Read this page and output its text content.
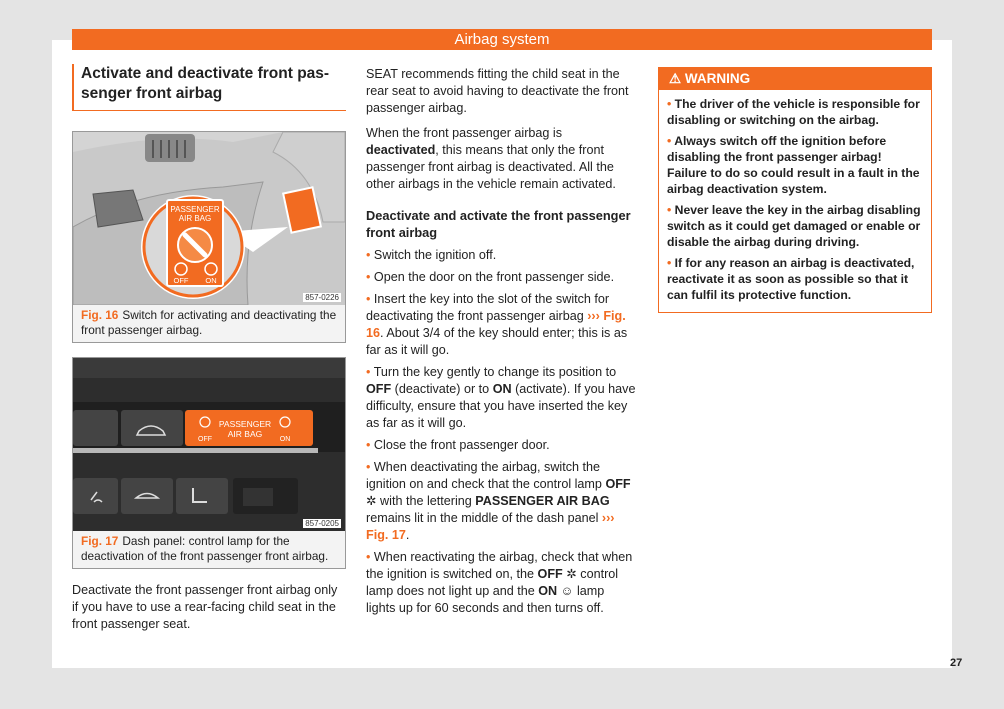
Airbag system
Activate and deactivate front pas-
senger front airbag
PASSENGER
AIR BAG
OFF ON
857-0226
Fig. 16 Switch for activating and deactivating the front passenger airbag.
PASSENGER
AIR BAG
OFF	ON
857-0205
Fig. 17 Dash panel: control lamp for the deactivation of the front passenger front airbag.

Deactivate the front passenger front airbag only if you have to use a rear-facing child seat in the front passenger seat.

SEAT recommends fitting the child seat in the rear seat to avoid having to deactivate the front passenger airbag.

When the front passenger airbag is deactivated, this means that only the front passenger front airbag is deactivated. All the other airbags in the vehicle remain activated.

Deactivate and activate the front passenger front airbag
• Switch the ignition off.
• Open the door on the front passenger side.
• Insert the key into the slot of the switch for deactivating the front passenger airbag ››› Fig. 16. About 3/4 of the key should enter; this is as far as it will go.
• Turn the key gently to change its position to OFF (deactivate) or to ON (activate). If you have difficulty, ensure that you have inserted the key as far as it will go.
• Close the front passenger door.
• When deactivating the airbag, switch the ignition on and check that the control lamp OFF ✲ with the lettering PASSENGER AIR BAG remains lit in the middle of the dash panel ››› Fig. 17.
• When reactivating the airbag, check that when the ignition is switched on, the OFF ✲ control lamp does not light up and the ON ☺ lamp lights up for 60 seconds and then turns off.
⚠ WARNING
• The driver of the vehicle is responsible for disabling or switching on the airbag.
• Always switch off the ignition before disabling the front passenger airbag! Failure to do so could result in a fault in the airbag deactivation system.
• Never leave the key in the airbag disabling switch as it could get damaged or enable or disable the airbag during driving.
• If for any reason an airbag is deactivated, reactivate it as soon as possible so that it can fulfil its protective function.
27
